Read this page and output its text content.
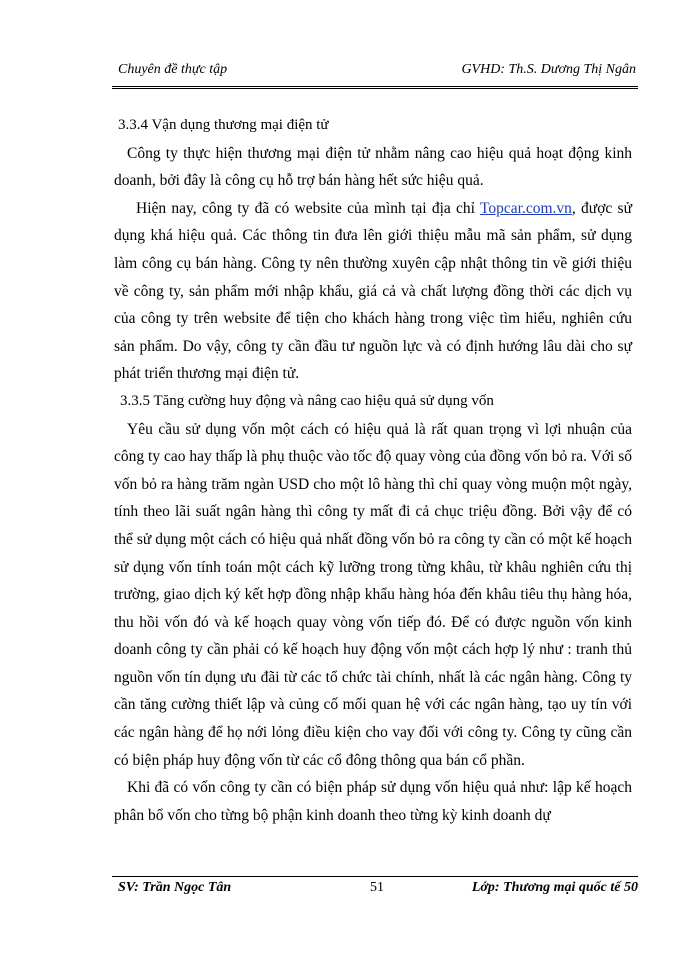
Chuyên đề thực tập	GVHD: Th.S. Dương Thị Ngân
3.3.4 Vận dụng thương mại điện tử

Công ty thực hiện thương mại điện tử nhằm nâng cao hiệu quả hoạt động kinh doanh, bởi đây là công cụ hỗ trợ bán hàng hết sức hiệu quả.

Hiện nay, công ty đã có website của mình tại địa chỉ Topcar.com.vn, được sử dụng khá hiệu quả. Các thông tin đưa lên giới thiệu mẫu mã sản phẩm, sử dụng làm công cụ bán hàng. Công ty nên thường xuyên cập nhật thông tin về giới thiệu về công ty, sản phẩm mới nhập khẩu, giá cả và chất lượng đồng thời các dịch vụ của công ty trên website để tiện cho khách hàng trong việc tìm hiểu, nghiên cứu sản phẩm. Do vậy, công ty cần đầu tư nguồn lực và có định hướng lâu dài cho sự phát triển thương mại điện tử.

3.3.5 Tăng cường huy động và nâng cao hiệu quả sử dụng vốn

Yêu cầu sử dụng vốn một cách có hiệu quả là rất quan trọng vì lợi nhuận của công ty cao hay thấp là phụ thuộc vào tốc độ quay vòng của đồng vốn bỏ ra. Với số vốn bỏ ra hàng trăm ngàn USD cho một lô hàng thì chỉ quay vòng muộn một ngày, tính theo lãi suất ngân hàng thì công ty mất đi cả chục triệu đồng. Bởi vậy để có thể sử dụng một cách có hiệu quả nhất đồng vốn bỏ ra công ty cần có một kế hoạch sử dụng vốn tính toán một cách kỹ lưỡng trong từng khâu, từ khâu nghiên cứu thị trường, giao dịch ký kết hợp đồng nhập khẩu hàng hóa đến khâu tiêu thụ hàng hóa, thu hồi vốn đó và kế hoạch quay vòng vốn tiếp đó. Để có được nguồn vốn kinh doanh công ty cần phải có kế hoạch huy động vốn một cách hợp lý như : tranh thủ nguồn vốn tín dụng ưu đãi từ các tổ chức tài chính, nhất là các ngân hàng. Công ty cần tăng cường thiết lập và củng cố mối quan hệ với các ngân hàng, tạo uy tín với các ngân hàng để họ nới lỏng điều kiện cho vay đối với công ty. Công ty cũng cần có biện pháp huy động vốn từ các cổ đông thông qua bán cổ phần.

Khi đã có vốn công ty cần có biện pháp sử dụng vốn hiệu quả như: lập kế hoạch phân bổ vốn cho từng bộ phận kinh doanh theo từng kỳ kinh doanh dự

SV: Trần Ngọc Tân	51	Lớp: Thương mại quốc tế 50
